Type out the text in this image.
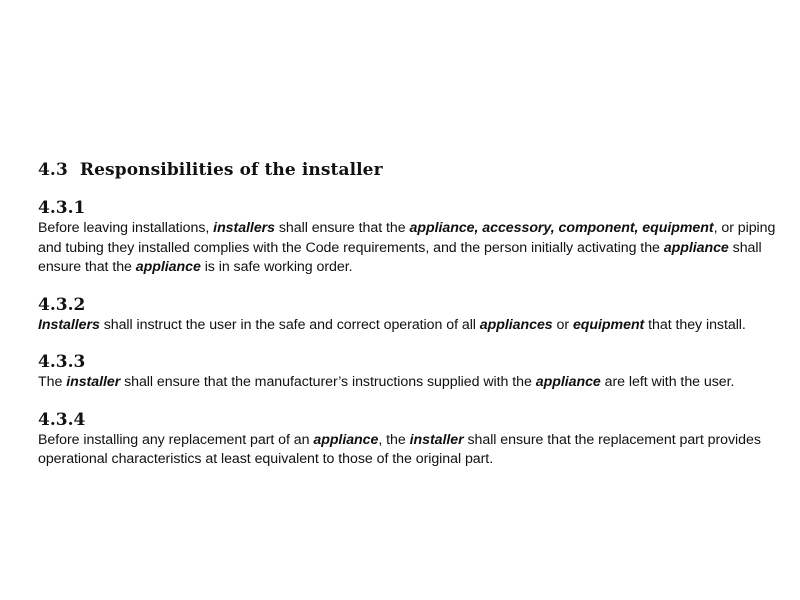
4.3 Responsibilities of the installer
4.3.1

Before leaving installations, installers shall ensure that the appliance, accessory, component, equipment, or piping and tubing they installed complies with the Code requirements, and the person initially activating the appliance shall ensure that the appliance is in safe working order.

4.3.2

Installers shall instruct the user in the safe and correct operation of all appliances or equipment that they install.

4.3.3

The installer shall ensure that the manufacturer’s instructions supplied with the appliance are left with the user.

4.3.4

Before installing any replacement part of an appliance, the installer shall ensure that the replacement part provides operational characteristics at least equivalent to those of the original part.
